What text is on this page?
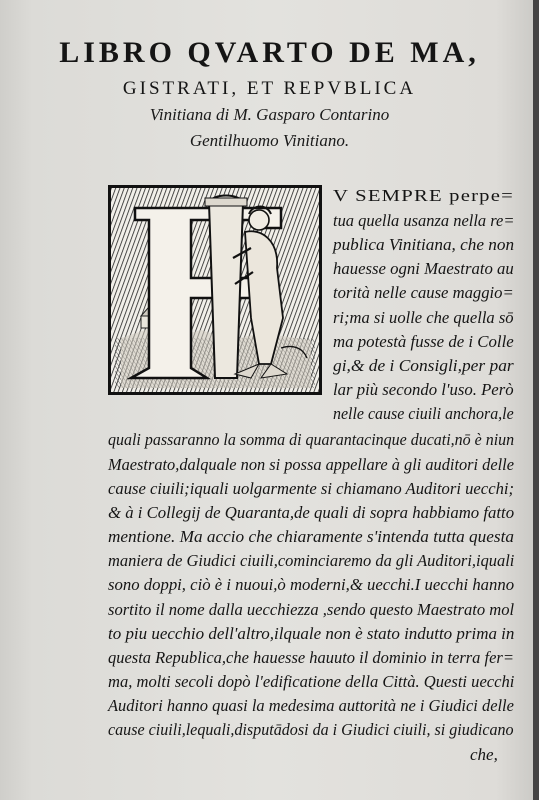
LIBRO QVARTO DE MA,
GISTRATI, ET REPVBLICA
Vinitiana di M. Gasparo Contarino
Gentilhuomo Vinitiano.
V SEMPRE perpe=
tua quella usanza nella re=
publica Vinitiana, che non
hauesse ogni Maestrato au
torità nelle cause maggio=
ri;ma si uolle che quella sō
ma potestà fusse de i Colle
gi,& de i Consigli,per par
lar più secondo l'uso. Però
nelle cause ciuili anchora,le
quali passaranno la somma di quarantacinque ducati,nō è niun
Maestrato,dalquale non si possa appellare à gli auditori delle
cause ciuili;iquali uolgarmente si chiamano Auditori uecchi;
& à i Collegij de Quaranta,de quali di sopra habbiamo fatto
mentione. Ma accio che chiaramente s'intenda tutta questa
maniera de Giudici ciuili,cominciaremo da gli Auditori,iquali
sono doppi, ciò è i nuoui,ò moderni,& uecchi.I uecchi hanno
sortito il nome dalla uecchiezza ,sendo questo Maestrato mol
to piu uecchio dell'altro,ilquale non è stato indutto prima in
questa Republica,che hauesse hauuto il dominio in terra fer=
ma, molti secoli dopò l'edificatione della Città. Questi uecchi
Auditori hanno quasi la medesima auttorità ne i Giudici delle
cause ciuili,lequali,disputādosi da i Giudici ciuili, si giudicano
che,
